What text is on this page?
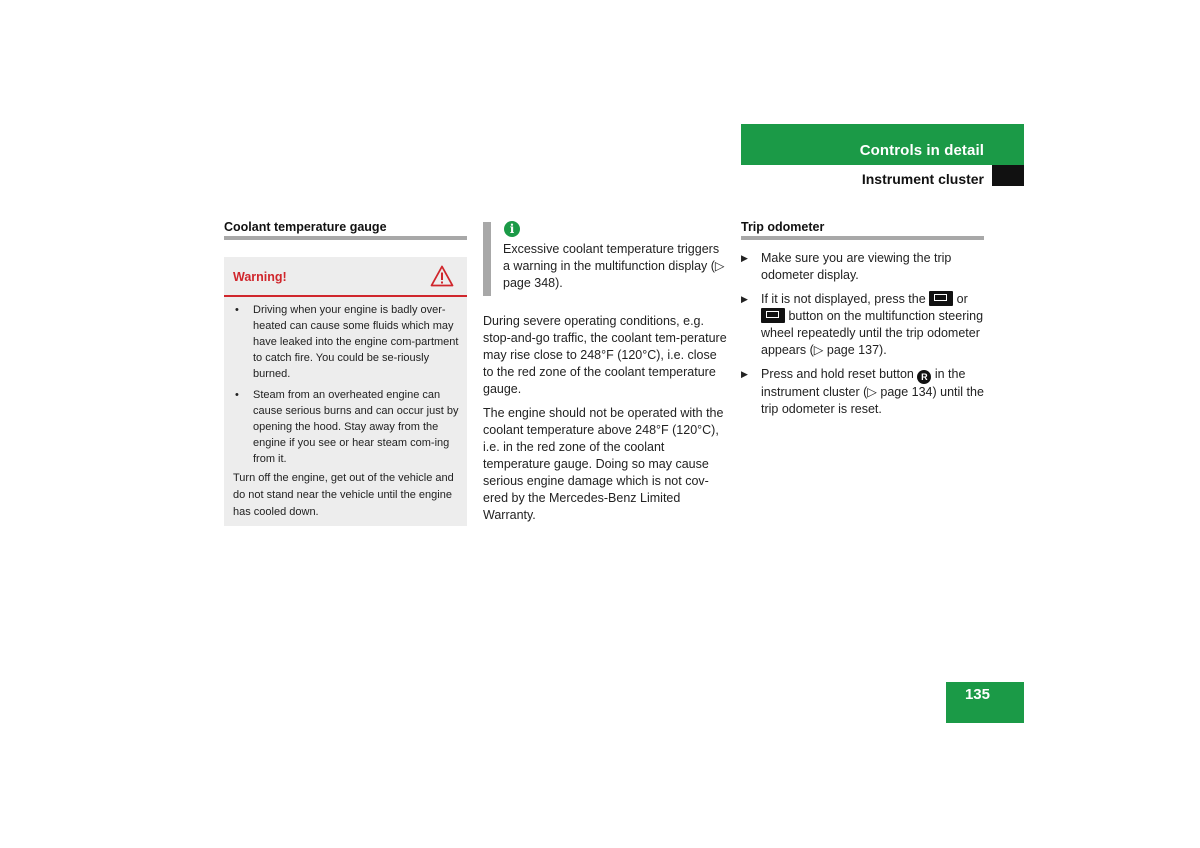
Controls in detail
Instrument cluster
Coolant temperature gauge
Warning!
• Driving when your engine is badly over-heated can cause some fluids which may have leaked into the engine com-partment to catch fire. You could be se-riously burned.
• Steam from an overheated engine can cause serious burns and can occur just by opening the hood. Stay away from the engine if you see or hear steam com-ing from it.
Turn off the engine, get out of the vehicle and do not stand near the vehicle until the engine has cooled down.
i
Excessive coolant temperature triggers a warning in the multifunction display (▷ page 348).
During severe operating conditions, e.g. stop-and-go traffic, the coolant tem-perature may rise close to 248°F (120°C), i.e. close to the red zone of the coolant temperature gauge.
The engine should not be operated with the coolant temperature above 248°F (120°C), i.e. in the red zone of the coolant temperature gauge. Doing so may cause serious engine damage which is not cov-ered by the Mercedes-Benz Limited Warranty.
Trip odometer
▶ Make sure you are viewing the trip odometer display.
▶ If it is not displayed, press the or  button on the multifunction steering wheel repeatedly until the trip odometer appears (▷ page 137).
▶ Press and hold reset button R in the instrument cluster (▷ page 134) until the trip odometer is reset.
135
